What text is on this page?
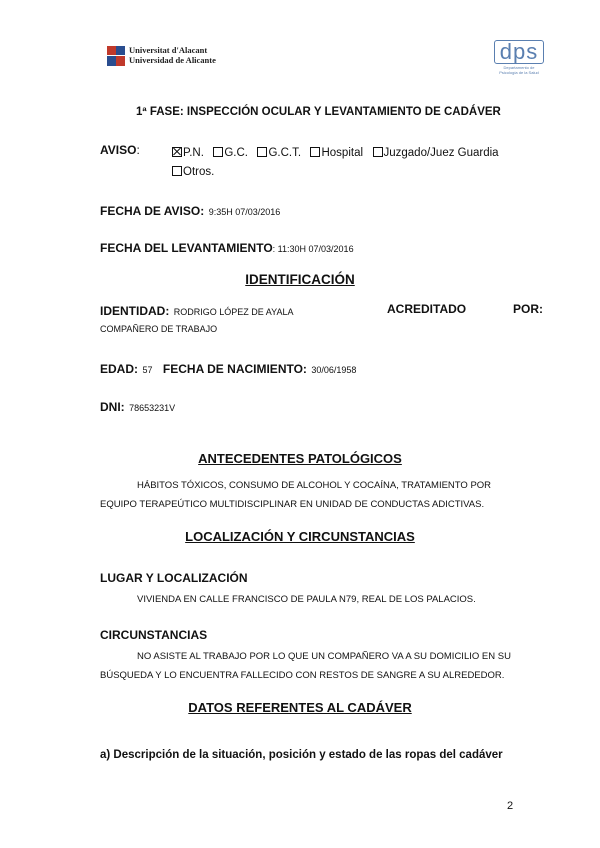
Universitat d'Alacant
Universidad de Alicante	dps
Departamento de
Psicología de la Salud
1ª FASE: INSPECCIÓN OCULAR Y LEVANTAMIENTO DE CADÁVER
AVISO:	P.N. G.C. G.C.T. Hospital Juzgado/Juez Guardia
Otros.
FECHA DE AVISO: 9:35H 07/03/2016
FECHA DEL LEVANTAMIENTO: 11:30H 07/03/2016
IDENTIFICACIÓN
IDENTIDAD: RODRIGO LÓPEZ DE AYALA	ACREDITADO	POR:
COMPAÑERO DE TRABAJO
EDAD: 57 FECHA DE NACIMIENTO: 30/06/1958
DNI: 78653231V
ANTECEDENTES PATOLÓGICOS
HÁBITOS TÓXICOS, CONSUMO DE ALCOHOL Y COCAÍNA, TRATAMIENTO POR
EQUIPO TERAPEÚTICO MULTIDISCIPLINAR EN UNIDAD DE CONDUCTAS ADICTIVAS.
LOCALIZACIÓN Y CIRCUNSTANCIAS
LUGAR Y LOCALIZACIÓN
VIVIENDA EN CALLE FRANCISCO DE PAULA N79, REAL DE LOS PALACIOS.
CIRCUNSTANCIAS
NO ASISTE AL TRABAJO POR LO QUE UN COMPAÑERO VA A SU DOMICILIO EN SU
BÚSQUEDA Y LO ENCUENTRA FALLECIDO CON RESTOS DE SANGRE A SU ALREDEDOR.
DATOS REFERENTES AL CADÁVER
a) Descripción de la situación, posición y estado de las ropas del cadáver
2
